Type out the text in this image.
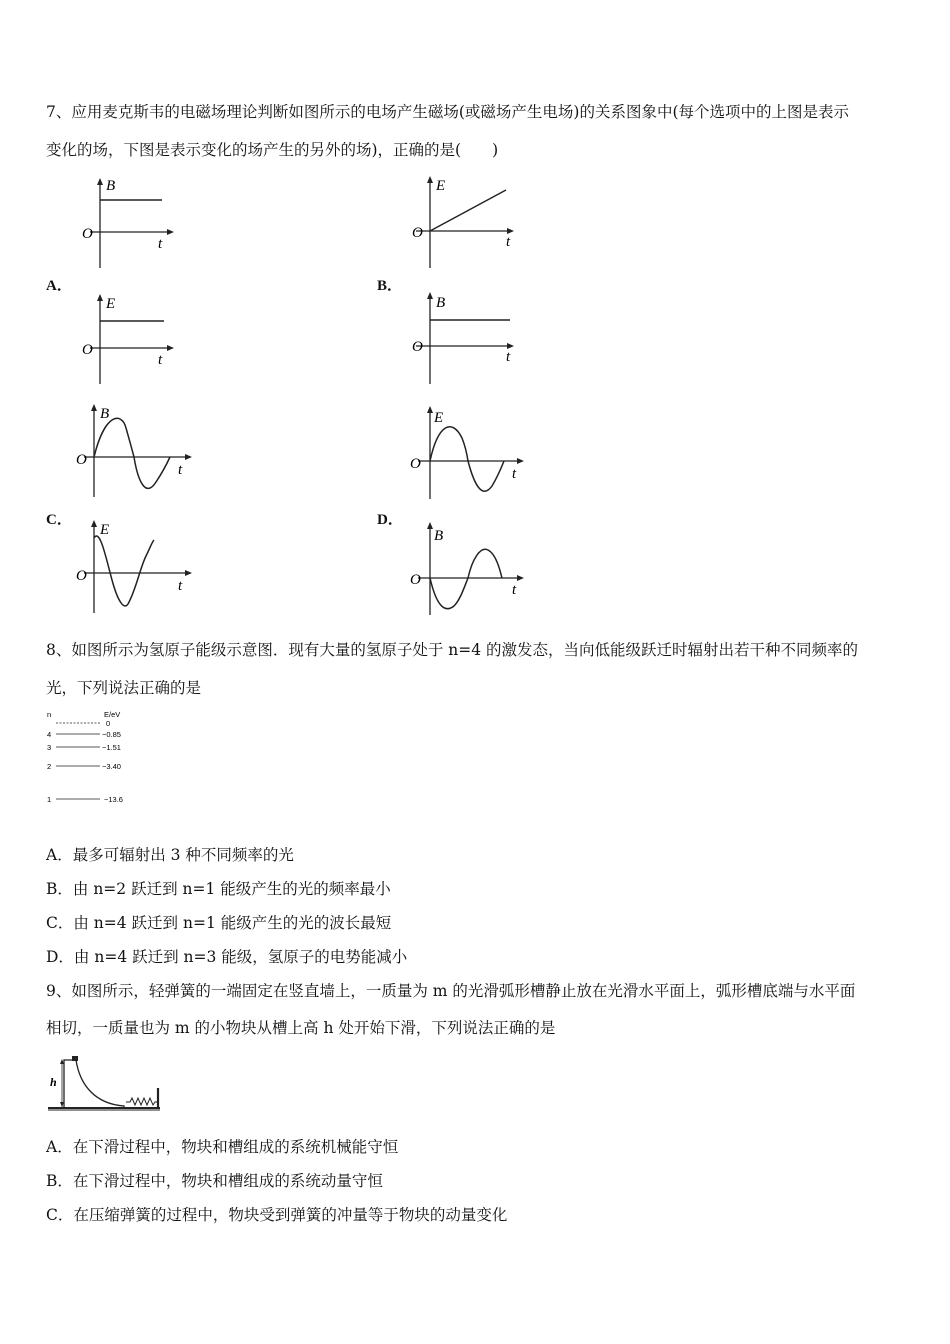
7、应用麦克斯韦的电磁场理论判断如图所示的电场产生磁场(或磁场产生电场)的关系图象中(每个选项中的上图是表示
变化的场，下图是表示变化的场产生的另外的场)，正确的是(　　)
B
O
t
A．
E
O
t
E
O
t
B．
B
O
t
B
O
t
C．
E
O
t
E
O
t
D．
B
O
t
8、如图所示为氢原子能级示意图．现有大量的氢原子处于 n=4 的激发态，当向低能级跃迁时辐射出若干种不同频率的
光，下列说法正确的是
n	E/eV
0
4	−0.85
3	−1.51
2	−3.40
1	−13.6
A．最多可辐射出 3 种不同频率的光
B．由 n=2 跃迁到 n=1 能级产生的光的频率最小
C．由 n=4 跃迁到 n=1 能级产生的光的波长最短
D．由 n=4 跃迁到 n=3 能级，氢原子的电势能减小
9、如图所示，轻弹簧的一端固定在竖直墙上，一质量为 m 的光滑弧形槽静止放在光滑水平面上，弧形槽底端与水平面
相切，一质量也为 m 的小物块从槽上高 h 处开始下滑，下列说法正确的是
h
A．在下滑过程中，物块和槽组成的系统机械能守恒
B．在下滑过程中，物块和槽组成的系统动量守恒
C．在压缩弹簧的过程中，物块受到弹簧的冲量等于物块的动量变化
